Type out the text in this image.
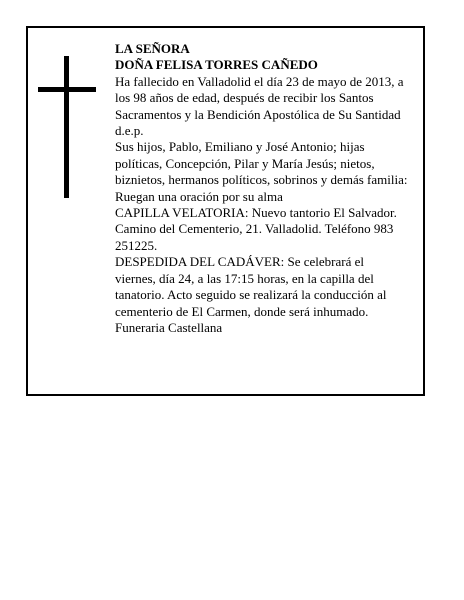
LA SEÑORA
DOÑA FELISA TORRES CAÑEDO
Ha fallecido en Valladolid el día 23 de mayo de 2013, a
los 98 años de edad, después de recibir los Santos
Sacramentos y la Bendición Apostólica de Su Santidad
d.e.p.
Sus hijos, Pablo, Emiliano y José Antonio; hijas
políticas, Concepción, Pilar y María Jesús; nietos,
biznietos, hermanos políticos, sobrinos y demás familia:
Ruegan una oración por su alma
CAPILLA VELATORIA: Nuevo tantorio El Salvador.
Camino del Cementerio, 21. Valladolid. Teléfono 983
251225.
DESPEDIDA DEL CADÁVER: Se celebrará el
viernes, día 24, a las 17:15 horas, en la capilla del
tanatorio. Acto seguido se realizará la conducción al
cementerio de El Carmen, donde será inhumado.
Funeraria Castellana
